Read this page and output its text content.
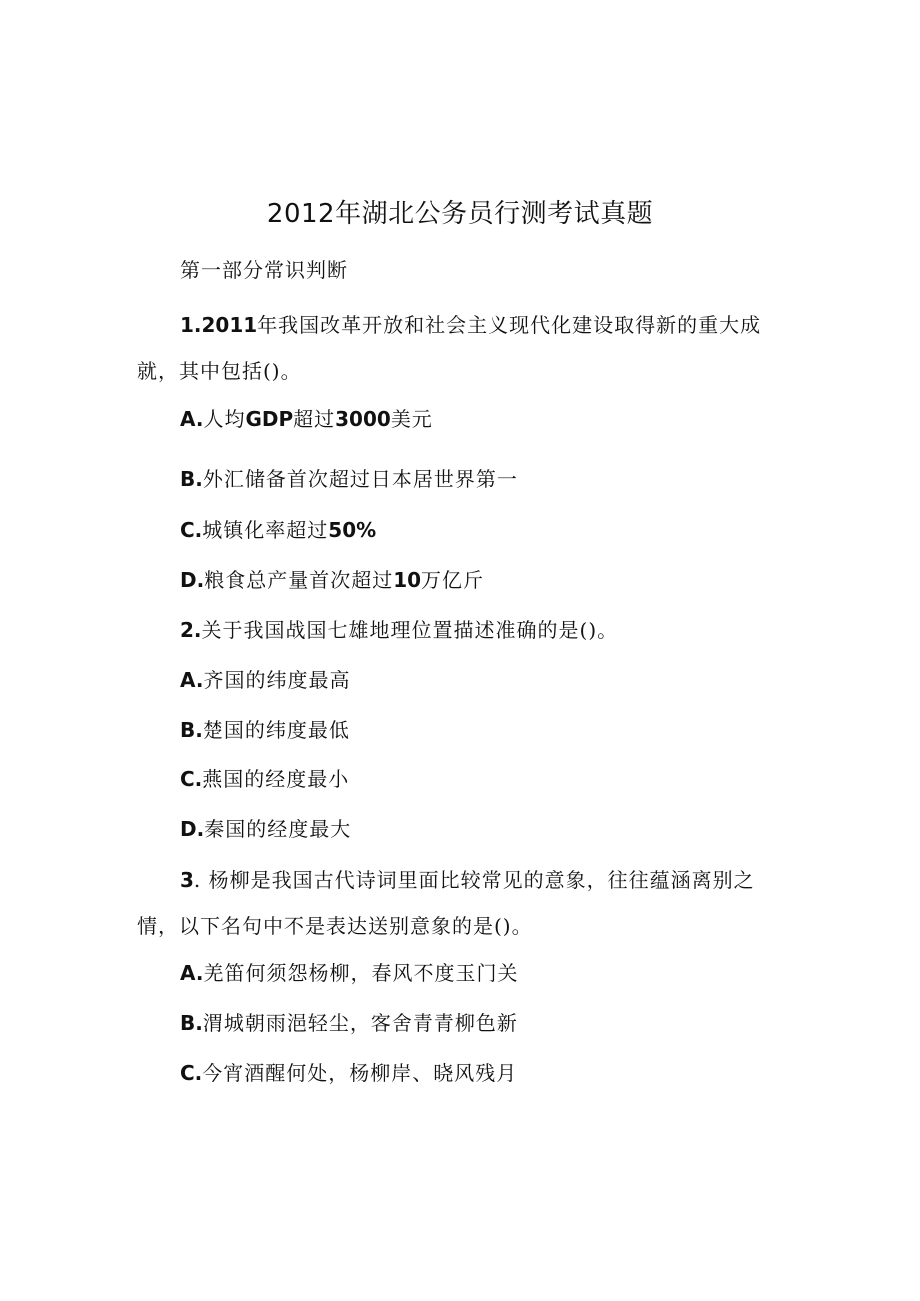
2012年湖北公务员行测考试真题
第一部分常识判断
1.2011年我国改革开放和社会主义现代化建设取得新的重大成就，其中包括()。
A.人均GDP超过3000美元
B.外汇储备首次超过日本居世界第一
C.城镇化率超过50%
D.粮食总产量首次超过10万亿斤
2.关于我国战国七雄地理位置描述准确的是()。
A.齐国的纬度最高
B.楚国的纬度最低
C.燕国的经度最小
D.秦国的经度最大
3. 杨柳是我国古代诗词里面比较常见的意象，往往蕴涵离别之情，以下名句中不是表达送别意象的是()。
A.羌笛何须怨杨柳，春风不度玉门关
B.渭城朝雨浥轻尘，客舍青青柳色新
C.今宵酒醒何处，杨柳岸、晓风残月
